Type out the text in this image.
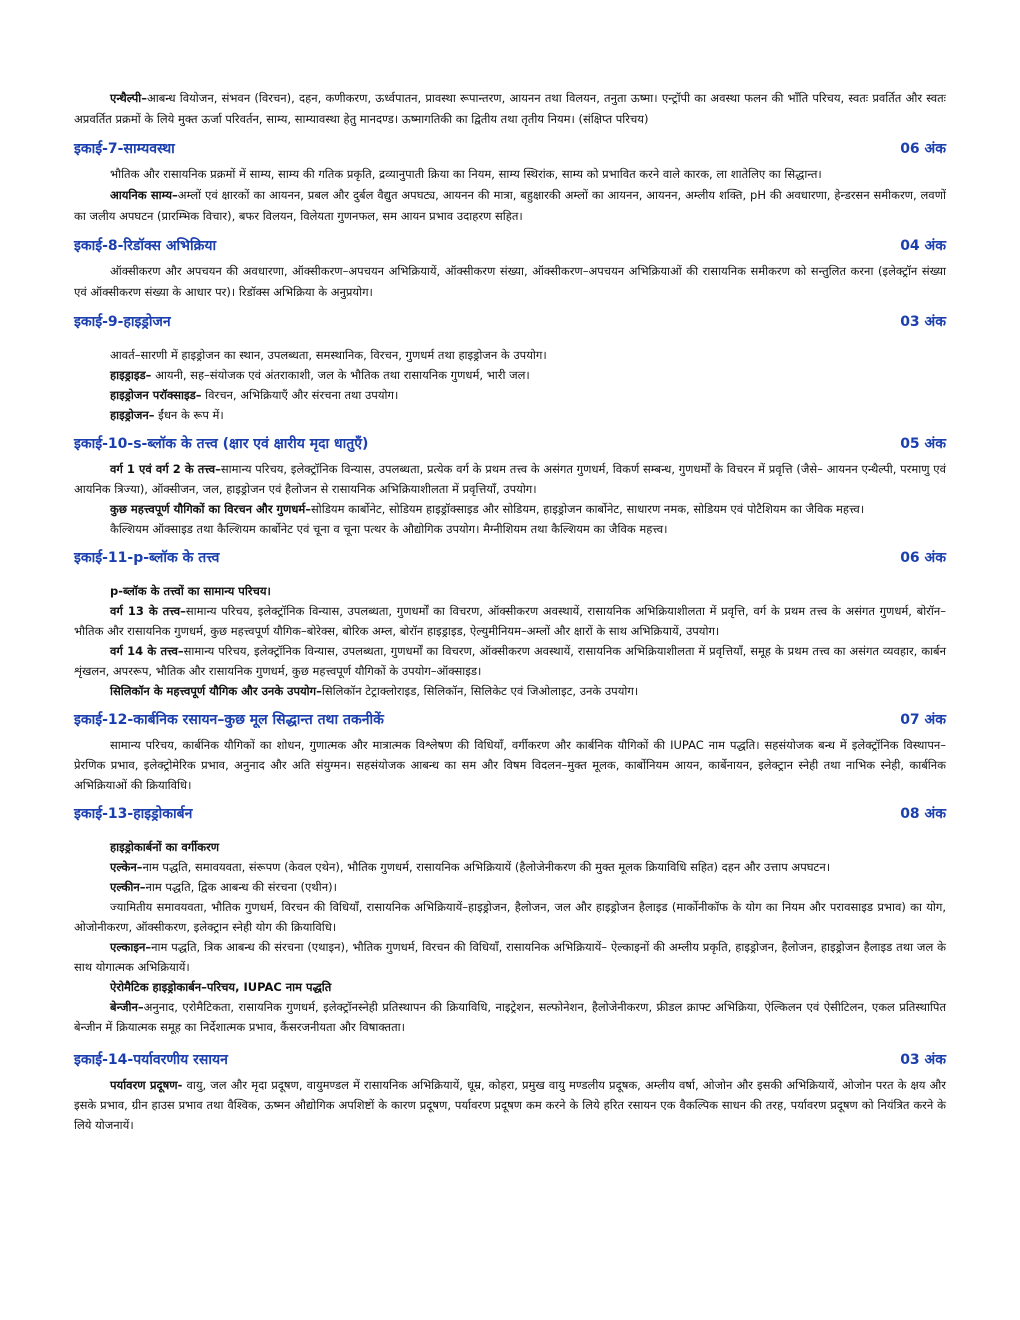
एन्थैल्पी–आबन्ध वियोजन, संभवन (विरचन), दहन, कणीकरण, ऊर्ध्वपातन, प्रावस्था रूपान्तरण, आयनन तथा विलयन, तनुता ऊष्मा। एन्ट्रॉपी का अवस्था फलन की भाँति परिचय, स्वतः प्रवर्तित और स्वतः अप्रवर्तित प्रक्रमों के लिये मुक्त ऊर्जा परिवर्तन, साम्य, साम्यावस्था हेतु मानदण्ड। ऊष्मागतिकी का द्वितीय तथा तृतीय नियम। (संक्षिप्त परिचय)

इकाई-7-साम्यवस्था	06 अंक

भौतिक और रासायनिक प्रक्रमों में साम्य, साम्य की गतिक प्रकृति, द्रव्यानुपाती क्रिया का नियम, साम्य स्थिरांक, साम्य को प्रभावित करने वाले कारक, ला शातेलिए का सिद्धान्त।

आयनिक साम्य–अम्लों एवं क्षारकों का आयनन, प्रबल और दुर्बल वैद्युत अपघट्य, आयनन की मात्रा, बहुक्षारकी अम्लों का आयनन, आयनन, अम्लीय शक्ति, pH की अवधारणा, हेन्डरसन समीकरण, लवणों का जलीय अपघटन (प्रारम्भिक विचार), बफर विलयन, विलेयता गुणनफल, सम आयन प्रभाव उदाहरण सहित।

इकाई-8-रिडॉक्स अभिक्रिया	04 अंक

ऑक्सीकरण और अपचयन की अवधारणा, ऑक्सीकरण–अपचयन अभिक्रियायें, ऑक्सीकरण संख्या, ऑक्सीकरण–अपचयन अभिक्रियाओं की रासायनिक समीकरण को सन्तुलित करना (इलेक्ट्रॉन संख्या एवं ऑक्सीकरण संख्या के आधार पर)। रिडॉक्स अभिक्रिया के अनुप्रयोग।

इकाई-9-हाइड्रोजन	03 अंक

आवर्त–सारणी में हाइड्रोजन का स्थान, उपलब्धता, समस्थानिक, विरचन, गुणधर्म तथा हाइड्रोजन के उपयोग।

हाइड्राइड– आयनी, सह–संयोजक एवं अंतराकाशी, जल के भौतिक तथा रासायनिक गुणधर्म, भारी जल।

हाइड्रोजन परॉक्साइड– विरचन, अभिक्रियाएँ और संरचना तथा उपयोग।

हाइड्रोजन– ईंधन के रूप में।

इकाई-10-s-ब्लॉक के तत्त्व (क्षार एवं क्षारीय मृदा धातुएँ)	05 अंक

वर्ग 1 एवं वर्ग 2 के तत्त्व–सामान्य परिचय, इलेक्ट्रॉनिक विन्यास, उपलब्धता, प्रत्येक वर्ग के प्रथम तत्त्व के असंगत गुणधर्म, विकर्ण सम्बन्ध, गुणधर्मों के विचरन में प्रवृत्ति (जैसे– आयनन एन्थैल्पी, परमाणु एवं आयनिक त्रिज्या), ऑक्सीजन, जल, हाइड्रोजन एवं हैलोजन से रासायनिक अभिक्रियाशीलता में प्रवृत्तियाँ, उपयोग।

कुछ महत्त्वपूर्ण यौगिकों का विरचन और गुणधर्म–सोडियम कार्बोनेट, सोडियम हाइड्रॉक्साइड और सोडियम, हाइड्रोजन कार्बोनेट, साधारण नमक, सोडियम एवं पोटैशियम का जैविक महत्त्व।

कैल्शियम ऑक्साइड तथा कैल्शियम कार्बोनेट एवं चूना व चूना पत्थर के औद्योगिक उपयोग। मैग्नीशियम तथा कैल्शियम का जैविक महत्त्व।

इकाई-11-p-ब्लॉक के तत्त्व	06 अंक

p-ब्लॉक के तत्त्वों का सामान्य परिचय।

वर्ग 13 के तत्त्व–सामान्य परिचय, इलेक्ट्रॉनिक विन्यास, उपलब्धता, गुणधर्मों का विचरण, ऑक्सीकरण अवस्थायें, रासायनिक अभिक्रियाशीलता में प्रवृत्ति, वर्ग के प्रथम तत्त्व के असंगत गुणधर्म, बोरॉन–भौतिक और रासायनिक गुणधर्म, कुछ महत्त्वपूर्ण यौगिक–बोरेक्स, बोरिक अम्ल, बोरॉन हाइड्राइड, ऐल्युमीनियम–अम्लों और क्षारों के साथ अभिक्रियायें, उपयोग।

वर्ग 14 के तत्त्व–सामान्य परिचय, इलेक्ट्रॉनिक विन्यास, उपलब्धता, गुणधर्मों का विचरण, ऑक्सीकरण अवस्थायें, रासायनिक अभिक्रियाशीलता में प्रवृत्तियाँ, समूह के प्रथम तत्त्व का असंगत व्यवहार, कार्बन शृंखलन, अपररूप, भौतिक और रासायनिक गुणधर्म, कुछ महत्त्वपूर्ण यौगिकों के उपयोग–ऑक्साइड।

सिलिकॉन के महत्त्वपूर्ण यौगिक और उनके उपयोग–सिलिकॉन टेट्राक्लोराइड, सिलिकॉन, सिलिकेट एवं जिओलाइट, उनके उपयोग।

इकाई-12-कार्बनिक रसायन–कुछ मूल सिद्धान्त तथा तकनीकें	07 अंक

सामान्य परिचय, कार्बनिक यौगिकों का शोधन, गुणात्मक और मात्रात्मक विश्लेषण की विधियाँ, वर्गीकरण और कार्बनिक यौगिकों की IUPAC नाम पद्धति। सहसंयोजक बन्ध में इलेक्ट्रॉनिक विस्थापन–प्रेरणिक प्रभाव, इलेक्ट्रोमेरिक प्रभाव, अनुनाद और अति संयुग्मन। सहसंयोजक आबन्ध का सम और विषम विदलन–मुक्त मूलक, कार्बोनियम आयन, कार्बेनायन, इलेक्ट्रान स्नेही तथा नाभिक स्नेही, कार्बनिक अभिक्रियाओं की क्रियाविधि।

इकाई-13-हाइड्रोकार्बन	08 अंक

हाइड्रोकार्बनों का वर्गीकरण

एल्केन–नाम पद्धति, समावयवता, संरूपण (केवल एथेन), भौतिक गुणधर्म, रासायनिक अभिक्रियायें (हैलोजेनीकरण की मुक्त मूलक क्रियाविधि सहित) दहन और उत्ताप अपघटन।

एल्कीन–नाम पद्धति, द्विक आबन्ध की संरचना (एथीन)।

ज्यामितीय समावयवता, भौतिक गुणधर्म, विरचन की विधियाँ, रासायनिक अभिक्रियायें–हाइड्रोजन, हैलोजन, जल और हाइड्रोजन हैलाइड (मार्कोनीकॉफ के योग का नियम और परावसाइड प्रभाव) का योग, ओजोनीकरण, ऑक्सीकरण, इलेक्ट्रान स्नेही योग की क्रियाविधि।

एल्काइन–नाम पद्धति, त्रिक आबन्ध की संरचना (एथाइन), भौतिक गुणधर्म, विरचन की विधियाँ, रासायनिक अभिक्रियायें– ऐल्काइनों की अम्लीय प्रकृति, हाइड्रोजन, हैलोजन, हाइड्रोजन हैलाइड तथा जल के साथ योगात्मक अभिक्रियायें।

ऐरोमैटिक हाइड्रोकार्बन–परिचय, IUPAC नाम पद्धति

बेन्जीन–अनुनाद, एरोमैटिकता, रासायनिक गुणधर्म, इलेक्ट्रॉनस्नेही प्रतिस्थापन की क्रियाविधि, नाइट्रेशन, सल्फोनेशन, हैलोजेनीकरण, फ्रीडल क्राफ्ट अभिक्रिया, ऐल्किलन एवं ऐसीटिलन, एकल प्रतिस्थापित बेन्जीन में क्रियात्मक समूह का निर्देशात्मक प्रभाव, कैंसरजनीयता और विषाक्तता।

इकाई-14-पर्यावरणीय रसायन	03 अंक

पर्यावरण प्रदूषण- वायु, जल और मृदा प्रदूषण, वायुमण्डल में रासायनिक अभिक्रियायें, धूम्र, कोहरा, प्रमुख वायु मण्डलीय प्रदूषक, अम्लीय वर्षा, ओजोन और इसकी अभिक्रियायें, ओजोन परत के क्षय और इसके प्रभाव, ग्रीन हाउस प्रभाव तथा वैश्विक, ऊष्मन औद्योगिक अपशिष्टों के कारण प्रदूषण, पर्यावरण प्रदूषण कम करने के लिये हरित रसायन एक वैकल्पिक साधन की तरह, पर्यावरण प्रदूषण को नियंत्रित करने के लिये योजनायें।
